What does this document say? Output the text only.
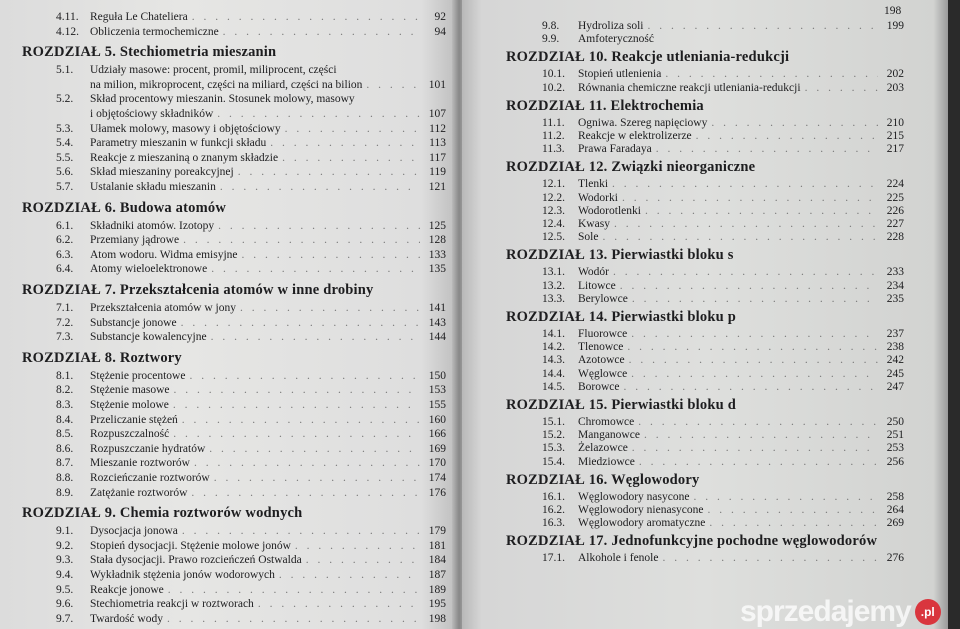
4.11. Reguła Le Chateliera . . .	92
4.12. Obliczenia termochemiczne . . .	94
ROZDZIAŁ 5. Stechiometria mieszanin
5.1.	Udziały masowe: procent, promil, miliprocent, części
na milion, mikroprocent, części na miliard, części na bilion . . .	101
5.2.	Skład procentowy mieszanin. Stosunek molowy, masowy
i objętościowy składników . . .	107
5.3.	Ułamek molowy, masowy i objętościowy . . .	112
5.4.	Parametry mieszanin w funkcji składu . . .	113
5.5.	Reakcje z mieszaniną o znanym składzie . . .	117
5.6.	Skład mieszaniny poreakcyjnej . . .	119
5.7.	Ustalanie składu mieszanin . . .	121
ROZDZIAŁ 6. Budowa atomów
6.1.	Składniki atomów. Izotopy . . .	125
6.2.	Przemiany jądrowe . . .	128
6.3.	Atom wodoru. Widma emisyjne . . .	133
6.4.	Atomy wieloelektronowe . . .	135
ROZDZIAŁ 7. Przekształcenia atomów w inne drobiny
7.1.	Przekształcenia atomów w jony . . .	141
7.2.	Substancje jonowe . . .	143
7.3.	Substancje kowalencyjne . . .	144
ROZDZIAŁ 8. Roztwory
8.1.	Stężenie procentowe . . .	150
8.2.	Stężenie masowe . . .	153
8.3.	Stężenie molowe . . .	155
8.4.	Przeliczanie stężeń . . .	160
8.5.	Rozpuszczalność . . .	166
8.6.	Rozpuszczanie hydratów . . .	169
8.7.	Mieszanie roztworów . . .	170
8.8.	Rozcieńczanie roztworów . . .	174
8.9.	Zatężanie roztworów . . .	176
ROZDZIAŁ 9. Chemia roztworów wodnych
9.1.	Dysocjacja jonowa . . .	179
9.2.	Stopień dysocjacji. Stężenie molowe jonów . . .	181
9.3.	Stała dysocjacji. Prawo rozcieńczeń Ostwalda . . .	184
9.4.	Wykładnik stężenia jonów wodorowych . . .	187
9.5.	Reakcje jonowe . . .	189
9.6.	Stechiometria reakcji w roztworach . . .	195
9.7.	Twardość wody . . .	198
198
9.8.	Hydroliza soli . . .	199
9.9.	Amfoteryczność
ROZDZIAŁ 10. Reakcje utleniania-redukcji
10.1.	Stopień utlenienia . . .	202
10.2.	Równania chemiczne reakcji utleniania-redukcji . . .	203
ROZDZIAŁ 11. Elektrochemia
11.1.	Ogniwa. Szereg napięciowy . . .	210
11.2.	Reakcje w elektrolizerze . . .	215
11.3.	Prawa Faradaya . . .	217
ROZDZIAŁ 12. Związki nieorganiczne
12.1.	Tlenki . . .	224
12.2.	Wodorki . . .	225
12.3.	Wodorotlenki . . .	226
12.4.	Kwasy . . .	227
12.5.	Sole . . .	228
ROZDZIAŁ 13. Pierwiastki bloku s
13.1.	Wodór . . .	233
13.2.	Litowce . . .	234
13.3.	Berylowce . . .	235
ROZDZIAŁ 14. Pierwiastki bloku p
14.1.	Fluorowce . . .	237
14.2.	Tlenowce . . .	238
14.3.	Azotowce . . .	242
14.4.	Węglowce . . .	245
14.5.	Borowce . . .	247
ROZDZIAŁ 15. Pierwiastki bloku d
15.1.	Chromowce . . .	250
15.2.	Manganowce . . .	251
15.3.	Żelazowce . . .	253
15.4.	Miedziowce . . .	256
ROZDZIAŁ 16. Węglowodory
16.1.	Węglowodory nasycone . . .	258
16.2.	Węglowodory nienasycone . . .	264
16.3.	Węglowodory aromatyczne . . .	269
ROZDZIAŁ 17. Jednofunkcyjne pochodne węglowodorów
17.1.	Alkohole i fenole . . .	276
sprzedajemy .pl
